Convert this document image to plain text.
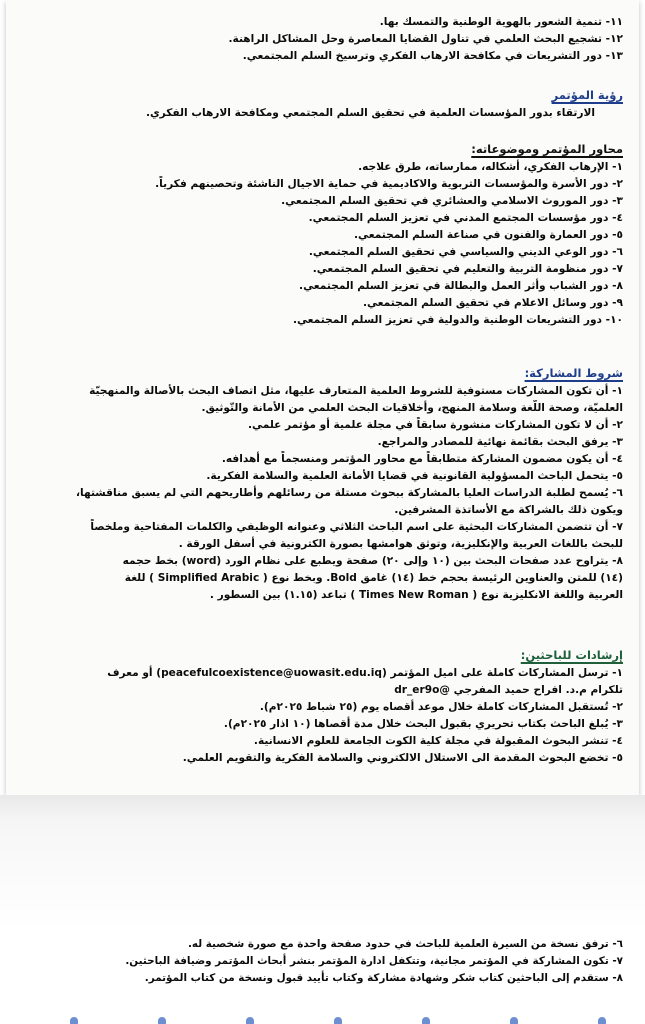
١١- تنمية الشعور بالهوية الوطنية والتمسك بها.
١٢- تشجيع البحث العلمي في تناول القضايا المعاصرة وحل المشاكل الراهنة.
١٣- دور التشريعات في مكافحة الارهاب الفكري وترسيخ السلم المجتمعي.
رؤية المؤتمر
الارتقاء بدور المؤسسات العلمية في تحقيق السلم المجتمعي ومكافحة الارهاب الفكري.
محاور المؤتمر وموضوعاته:
١- الإرهاب الفكري، أشكاله، ممارساته، طرق علاجه.
٢- دور الأسرة والمؤسسات التربوية والاكاديمية في حماية الاجيال الناشئة وتحصينهم فكرياً.
٣- دور الموروث الاسلامي والعشائري في تحقيق السلم المجتمعي.
٤- دور مؤسسات المجتمع المدني في تعزيز السلم المجتمعي.
٥- دور العمارة والفنون في صناعة السلم المجتمعي.
٦- دور الوعي الديني والسياسي في تحقيق السلم المجتمعي.
٧- دور منظومة التربية والتعليم في تحقيق السلم المجتمعي.
٨- دور الشباب وأثر العمل والبطالة في تعزيز السلم المجتمعي.
٩- دور وسائل الاعلام في تحقيق السلم المجتمعي.
١٠- دور التشريعات الوطنية والدولية في تعزيز السلم المجتمعي.
شروط المشاركة:
١- أن تكون المشاركات مستوفية للشروط العلمية المتعارف عليها، مثل اتصاف البحث بالأصالة والمنهجيّة
العلميّة، وصحة اللّغة وسلامة المنهج، وأخلاقيات البحث العلمي من الأمانة والتّوثيق.
٢- أن لا تكون المشاركات منشورة سابقاً في مجلة علمية أو مؤتمر علمي.
٣- يرفق البحث بقائمة نهائية للمصادر والمراجع.
٤- أن يكون مضمون المشاركة متطابقاً مع محاور المؤتمر ومنسجماً مع أهدافه.
٥- يتحمل الباحث المسؤولية القانونية في قضايا الأمانة العلمية والسلامة الفكرية.
٦- يُسمح لطلبة الدراسات العليا بالمشاركة ببحوث مستلة من رسائلهم وأطاريحهم التي لم يسبق مناقشتها،
ويكون ذلك بالشراكة مع الأساتذة المشرفين.
٧- أن تتضمن المشاركات البحثية على اسم الباحث الثلاثي وعنوانه الوظيفي والكلمات المفتاحية وملخصاً
للبحث باللغات العربية والإنكليزية، وتوثق هوامشها بصورة الكترونية في أسفل الورقة .
٨- يتراوح عدد صفحات البحث بين (١٠ وإلى ٢٠) صفحة ويطبع على نظام الورد (word) بخط حجمه
(١٤) للمتن والعناوين الرئيسة بحجم خط (١٤) غامق Bold. وبخط نوع ( Simplified Arabic ) للغة
العربية واللغة الانكليزية نوع ( Times New Roman ) تباعد (١.١٥) بين السطور .
إرشادات للباحثين:
١- ترسل المشاركات كاملة على اميل المؤتمر (peacefulcoexistence@uowasit.edu.iq) أو معرف
تلكرام م.د. افراح حميد المفرجي @dr_er9o
٢- تُستقبل المشاركات كاملة خلال موعد أقصاه يوم (٢٥ شباط ٢٠٢٥م).
٣- يُبلغ الباحث بكتاب تحريري بقبول البحث خلال مدة أقصاها (١٠ اذار ٢٠٢٥م).
٤- تنشر البحوث المقبولة في مجلة كلية الكوت الجامعة للعلوم الانسانية.
٥- تخضع البحوث المقدمة الى الاستلال الالكتروني والسلامة الفكرية والتقويم العلمي.
٦- ترفق نسخة من السيرة العلمية للباحث في حدود صفحة واحدة مع صورة شخصية له.
٧- تكون المشاركة في المؤتمر مجانية، وتتكفل ادارة المؤتمر بنشر أبحاث المؤتمر وضيافة الباحثين.
٨- ستقدم إلى الباحثين كتاب شكر وشهادة مشاركة وكتاب تأييد قبول ونسخة من كتاب المؤتمر.
